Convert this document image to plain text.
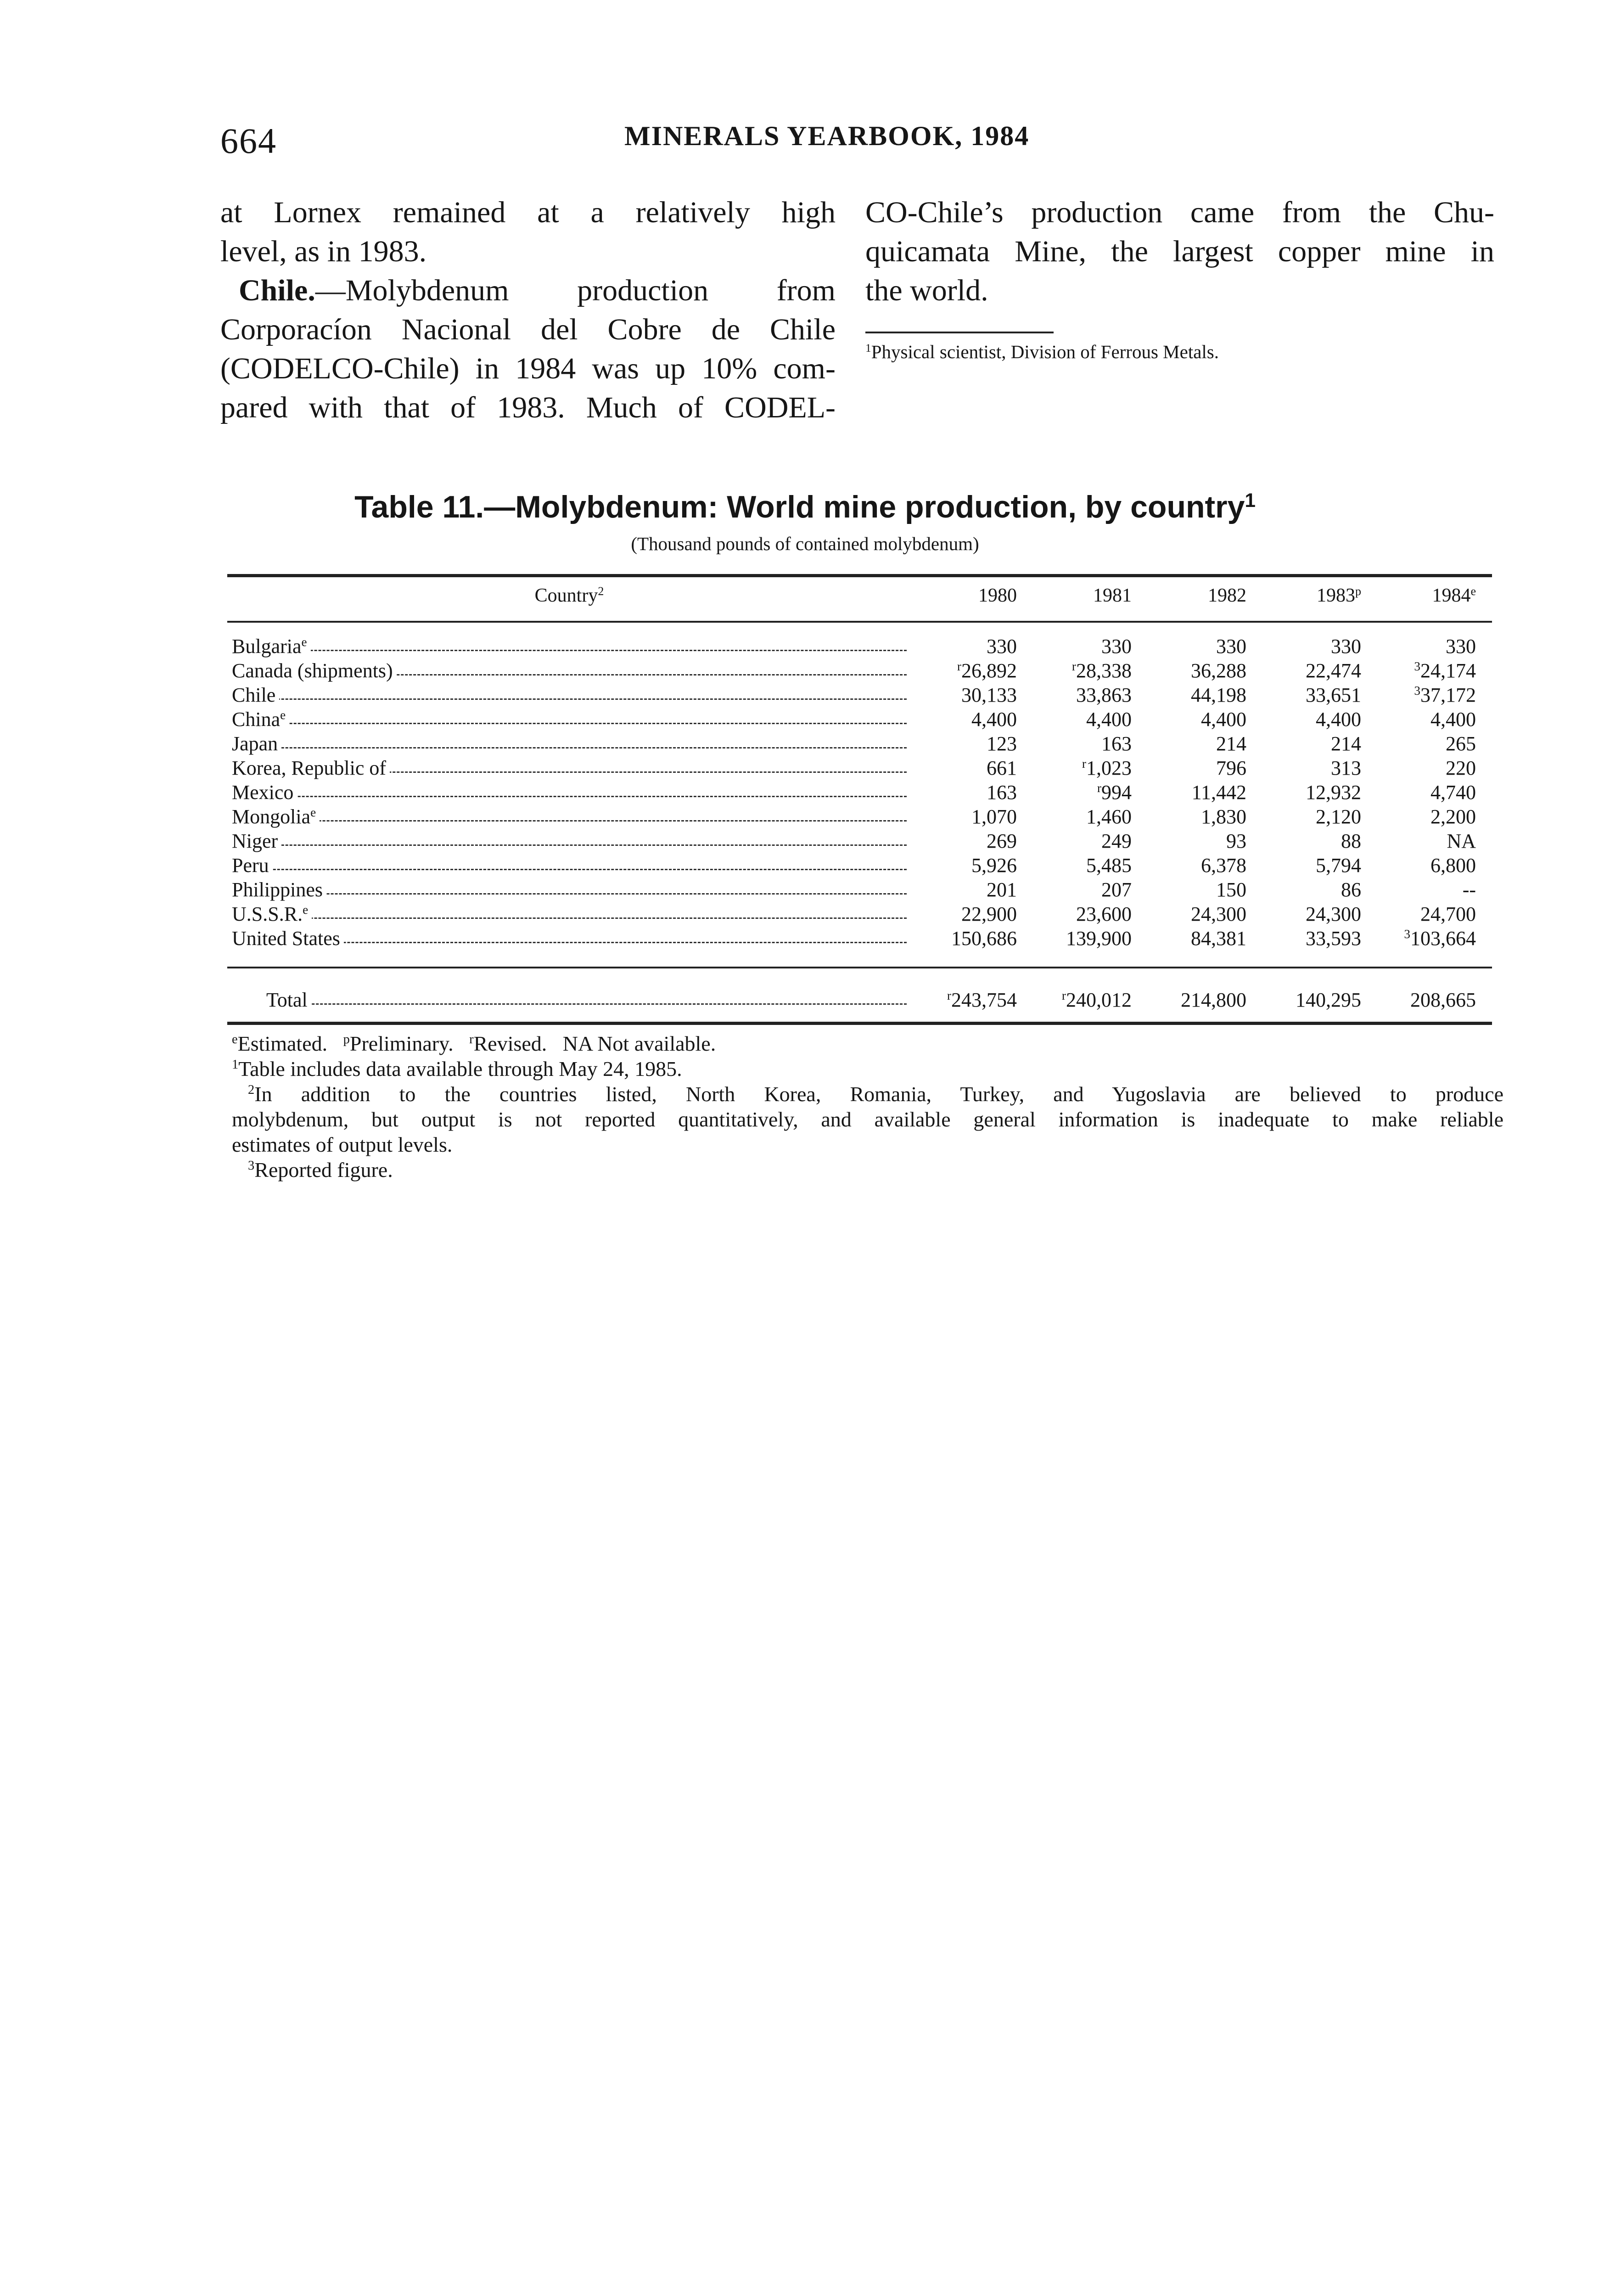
664	MINERALS YEARBOOK, 1984

at Lornex remained at a relatively high

level, as in 1983.

Chile.—Molybdenum production from

Corporacíon Nacional del Cobre de Chile

(CODELCO-Chile) in 1984 was up 10% com-

pared with that of 1983. Much of CODEL-

CO-Chile’s production came from the Chu-

quicamata Mine, the largest copper mine in

the world.

$^1$Physical scientist, Division of Ferrous Metals.
Table 11.—Molybdenum: World mine production, by country$^1$
(Thousand pounds of contained molybdenum)
Country$^2$	1980	1981	1982	1983$^p$	1984e
Bulgaria$^e$	330	330	330	330	330
Canada (shipments)	$^r$26,892	$^r$28,338	36,288	22,474	$^3$24,174
Chile	30,133	33,863	44,198	33,651	$^3$37,172
China$^e$	4,400	4,400	4,400	4,400	4,400
Japan	123	163	214	214	265
Korea, Republic of	661	$^r$1,023	796	313	220
Mexico	163	$^r$994	11,442	12,932	4,740
Mongolia$^e$	1,070	1,460	1,830	2,120	2,200
Niger	269	249	93	88	NA
Peru	5,926	5,485	6,378	5,794	6,800
Philippines	201	207	150	86	--
U.S.S.R.$^e$	22,900	23,600	24,300	24,300	24,700
United States	150,686	139,900	84,381	33,593	$^3$103,664
Total	$^r$243,754	$^r$240,012	214,800	140,295	208,665

$^e$Estimated. $^p$Preliminary. $^r$Revised. NA Not available.

$^1$Table includes data available through May 24, 1985.

$^2$In addition to the countries listed, North Korea, Romania, Turkey, and Yugoslavia are believed to produce

molybdenum, but output is not reported quantitatively, and available general information is inadequate to make reliable

estimates of output levels.

$^3$Reported figure.
